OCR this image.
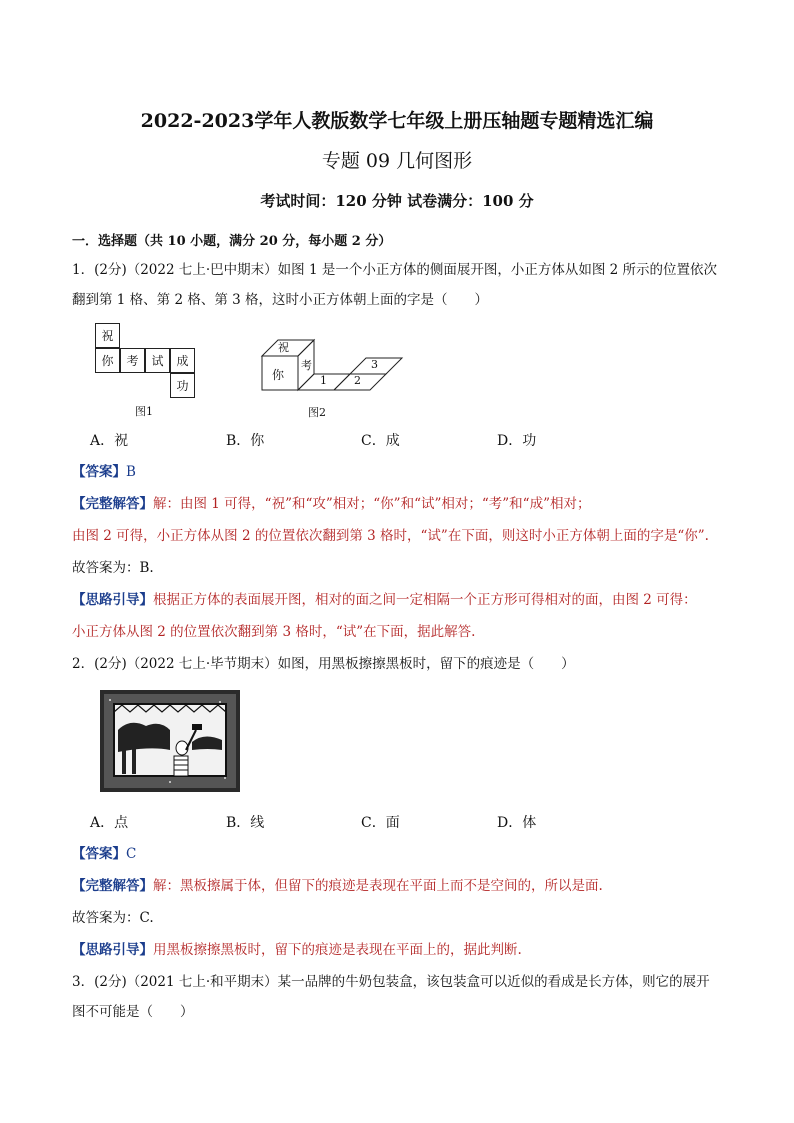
2022-2023学年人教版数学七年级上册压轴题专题精选汇编
专题 09 几何图形
考试时间：120 分钟 试卷满分：100 分
一．选择题（共 10 小题，满分 20 分，每小题 2 分）
1．(2分)（2022 七上·巴中期末）如图 1 是一个小正方体的侧面展开图，小正方体从如图 2 所示的位置依次
翻到第 1 格、第 2 格、第 3 格，这时小正方体朝上面的字是（　　）
祝
你	考	试	成
功
图1
祝
你
考
1 2
3
图2
A．祝	B．你	C．成	D．功
【答案】B
【完整解答】解：由图 1 可得，“祝”和“攻”相对；“你”和“试”相对；“考”和“成”相对；
由图 2 可得，小正方体从图 2 的位置依次翻到第 3 格时，“试”在下面，则这时小正方体朝上面的字是“你”.
故答案为：B.
【思路引导】根据正方体的表面展开图，相对的面之间一定相隔一个正方形可得相对的面，由图 2 可得：
小正方体从图 2 的位置依次翻到第 3 格时，“试”在下面，据此解答.
2．(2分)（2022 七上·毕节期末）如图，用黑板擦擦黑板时，留下的痕迹是（　　）
A．点	B．线	C．面	D．体
【答案】C
【完整解答】解：黑板擦属于体，但留下的痕迹是表现在平面上而不是空间的，所以是面.
故答案为：C.
【思路引导】用黑板擦擦黑板时，留下的痕迹是表现在平面上的，据此判断.
3．(2分)（2021 七上·和平期末）某一品牌的牛奶包装盒，该包装盒可以近似的看成是长方体，则它的展开
图不可能是（　　）
